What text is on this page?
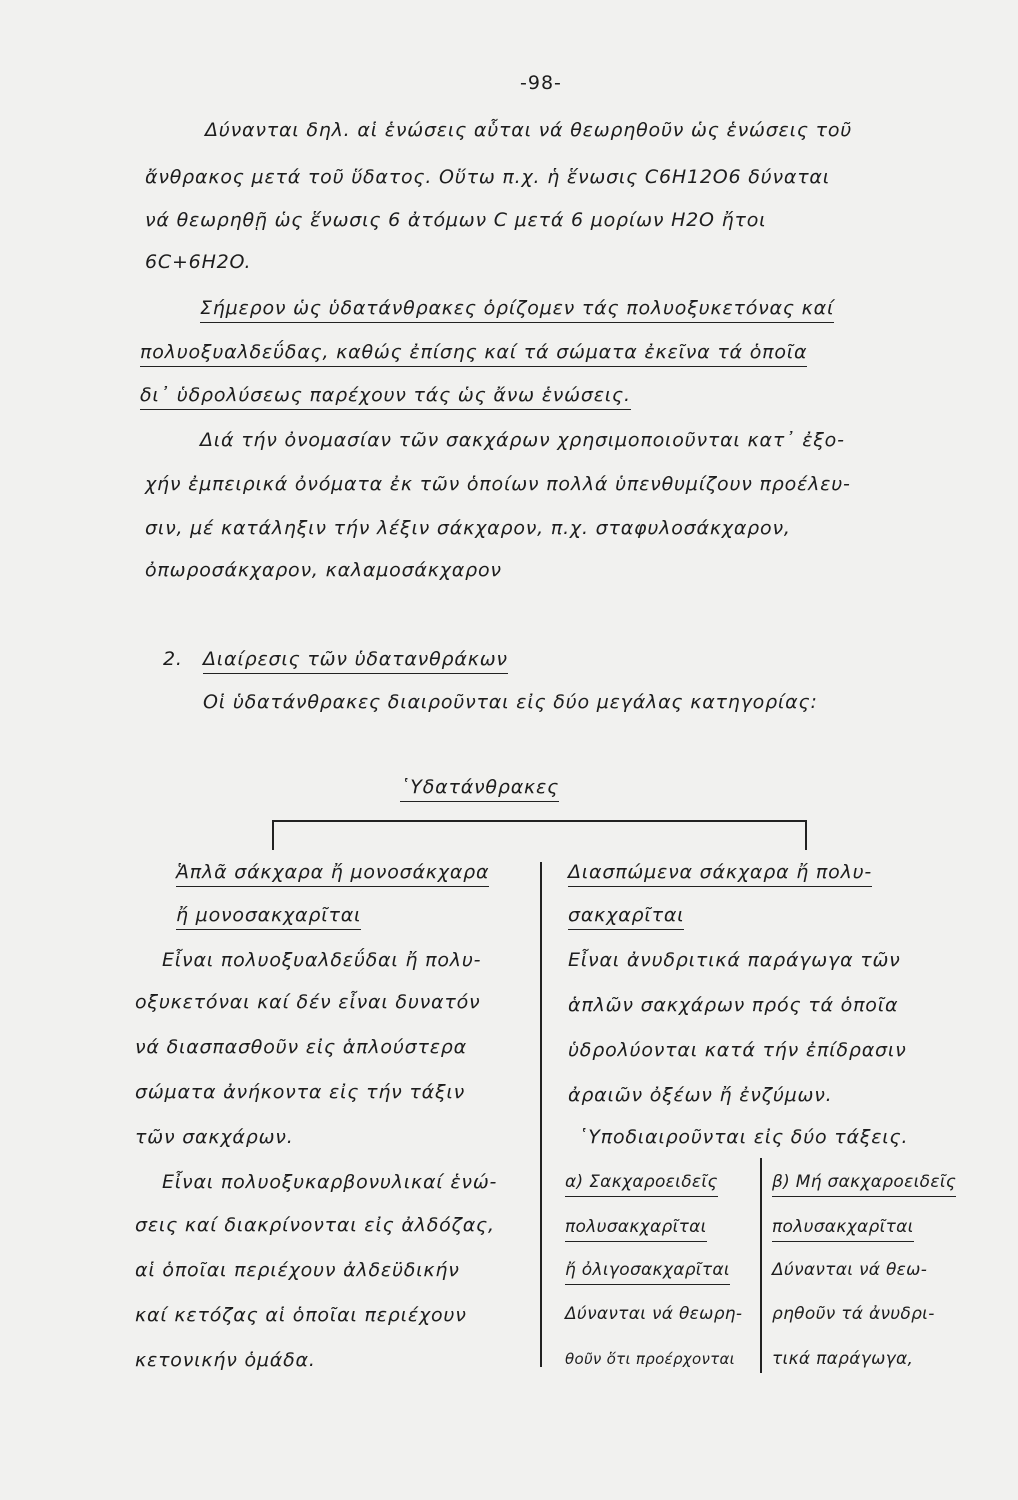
-98-
Δύνανται δηλ. αἱ ἑνώσεις αὗται νά θεωρηθοῦν ὡς ἑνώσεις τοῦ
ἄνθρακος μετά τοῦ ὕδατος. Οὕτω π.χ. ἡ ἕνωσις C6H12O6 δύναται
νά θεωρηθῇ ὡς ἕνωσις 6 ἀτόμων C μετά 6 μορίων H2O ἤτοι
6C+6H2O.
Σήμερον ὡς ὑδατάνθρακες ὁρίζομεν τάς πολυοξυκετόνας καί
πολυοξυαλδεΰδας, καθώς ἐπίσης καί τά σώματα ἐκεῖνα τά ὁποῖα
δι᾿ ὑδρολύσεως παρέχουν τάς ὡς ἄνω ἑνώσεις.
Διά τήν ὀνομασίαν τῶν σακχάρων χρησιμοποιοῦνται κατ᾿ ἐξο-
χήν ἐμπειρικά ὀνόματα ἐκ τῶν ὁποίων πολλά ὑπενθυμίζουν προέλευ-
σιν, μέ κατάληξιν τήν λέξιν σάκχαρον, π.χ. σταφυλοσάκχαρον,
ὀπωροσάκχαρον, καλαμοσάκχαρον
2. Διαίρεσις τῶν ὑδατανθράκων
Οἱ ὑδατάνθρακες διαιροῦνται εἰς δύο μεγάλας κατηγορίας:
῾Υδατάνθρακες
Ἁπλᾶ σάκχαρα ἤ μονοσάκχαρα
ἤ μονοσακχαρῖται
Εἶναι πολυοξυαλδεΰδαι ἤ πολυ-
οξυκετόναι καί δέν εἶναι δυνατόν
νά διασπασθοῦν εἰς ἁπλούστερα
σώματα ἀνήκοντα εἰς τήν τάξιν
τῶν σακχάρων.
Εἶναι πολυοξυκαρβονυλικαί ἑνώ-
σεις καί διακρίνονται εἰς ἀλδόζας,
αἱ ὁποῖαι περιέχουν ἀλδεϋδικήν
καί κετόζας αἱ ὁποῖαι περιέχουν
κετονικήν ὁμάδα.
Διασπώμενα σάκχαρα ἤ πολυ-
σακχαρῖται
Εἶναι ἀνυδριτικά παράγωγα τῶν
ἁπλῶν σακχάρων πρός τά ὁποῖα
ὑδρολύονται κατά τήν ἐπίδρασιν
ἀραιῶν ὀξέων ἤ ἐνζύμων.
῾Υποδιαιροῦνται εἰς δύο τάξεις.
α) Σακχαροειδεῖς
πολυσακχαρῖται
ἤ ὀλιγοσακχαρῖται
Δύνανται νά θεωρη-
θοῦν ὅτι προέρχονται
β) Μή σακχαροειδεῖς
πολυσακχαρῖται
Δύνανται νά θεω-
ρηθοῦν τά ἀνυδρι-
τικά παράγωγα,
